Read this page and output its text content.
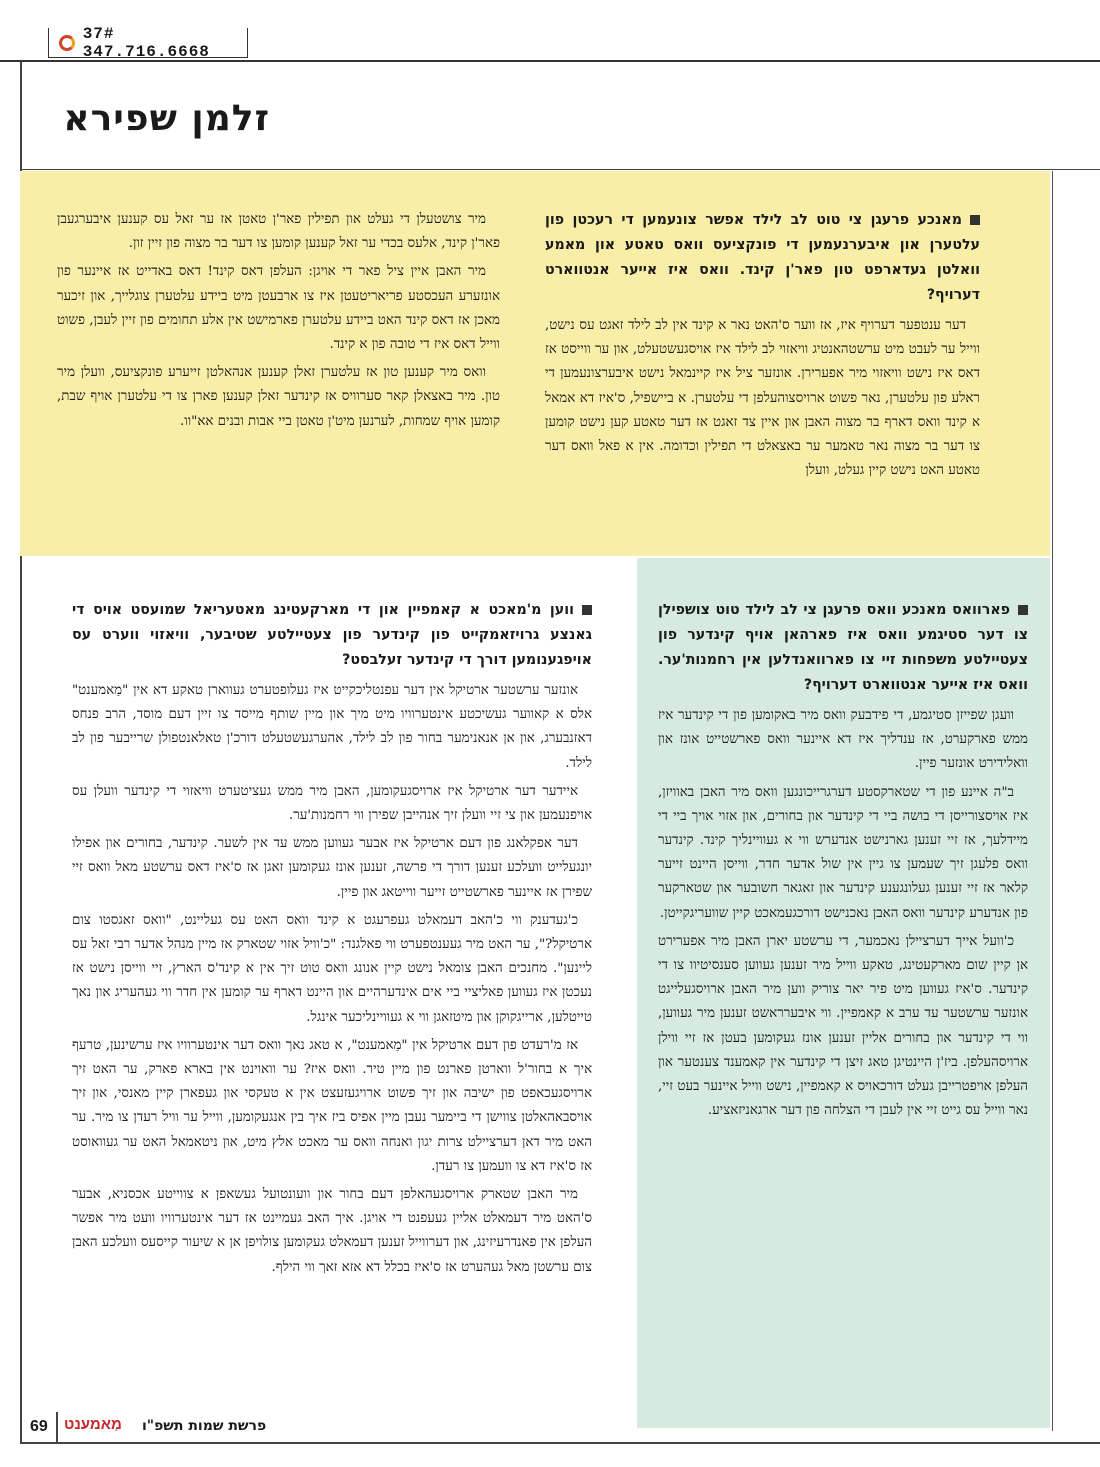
37# 347.716.6668
זלמן שפירא

מאנכע פרעגן צי טוט לב לילד אפשר צונעמען די רעכטן פון עלטערן און איבערנעמען די פונקציעס וואס טאטע און מאמע וואלטן געדארפט טון פאר'ן קינד. וואס איז אייער אנטווארט דערויף?

דער ענטפער דערויף איז, אז ווער ס'האט נאר א קינד אין לב לילד זאגט עס נישט, ווייל ער לעבט מיט ערשטהאנטיג וויאזוי לב לילד איז אויסגעשטעלט, און ער ווייסט אז דאס איז נישט וויאזוי מיר אפערירן. אונזער ציל איז קיינמאל נישט איבערצונעמען די ראלע פון עלטערן, נאר פשוט ארויסצוהעלפן די עלטערן. א ביישפיל, ס'איז דא אמאל א קינד וואס דארף בר מצוה האבן און איין צד זאגט אז דער טאטע קען נישט קומען צו דער בר מצוה נאר טאמער ער באצאלט די תפילין וכדומה. אין א פאל וואס דער טאטע האט נישט קיין געלט, וועלן

מיר צושטעלן די געלט און תפילין פאר'ן טאטן אז ער זאל עס קענען איבערגעבן פאר'ן קינד, אלעס בכדי ער זאל קענען קומען צו דער בר מצוה פון זיין זון.

מיר האבן איין ציל פאר די אויגן: העלפן דאס קינד! דאס באדייט אז איינער פון אונזערע העכסטע פריאריטעטן איז צו ארבעטן מיט ביידע עלטערן צוגלייך, און זיכער מאכן אז דאס קינד האט ביידע עלטערן פארמישט אין אלע תחומים פון זיין לעבן, פשוט ווייל דאס איז די טובה פון א קינד.

וואס מיר קענען טון אז עלטערן זאלן קענען אנהאלטן זייערע פונקציעס, וועלן מיר טון. מיר באצאלן קאר סערוויס אז קינדער זאלן קענען פארן צו די עלטערן אויף שבת, קומען אויף שמחות, לערנען מיט'ן טאטן ביי אבות ובנים אא"וו.

פארוואס מאנכע וואס פרעגן צי לב לילד טוט צושפילן צו דער סטיגמע וואס איז פארהאן אויף קינדער פון צעטיילטע משפחות זיי צו פארוואנדלען אין רחמנות'ער. וואס איז אייער אנטווארט דערויף?

וועגן שפייזן סטיגמע, די פידבעק וואס מיר באקומען פון די קינדער איז ממש פארקערט, אז ענדליך איז דא איינער וואס פארשטייט אונז און וואלידירט אונזער פיין.

ב"ה איינע פון די שטארקסטע דערגרייכונגען וואס מיר האבן באוויזן, איז אויסצורייסן די בושה ביי די קינדער און בחורים, און אזוי אויך ביי די מיידלעך, אז זיי זענען גארנישט אנדערש ווי א געוויינליך קינד. קינדער וואס פלעגן זיך שעמען צו גיין אין שול אדער חדר, ווייסן היינט זייער קלאר אז זיי זענען געלונגענע קינדער און זאגאר חשובער און שטארקער פון אנדערע קינדער וואס האבן נאכנישט דורכגעמאכט קיין שוועריגקייטן.

כ'וועל אייך דערציילן נאכמער, די ערשטע יארן האבן מיר אפערירט אן קיין שום מארקעטינג, טאקע ווייל מיר זענען געווען סענסיטיוו צו די קינדער. ס'איז געווען מיט פיר יאר צוריק ווען מיר האבן ארויסגעלייגט אונזער ערשטער עד ערב א קאמפיין. ווי איבערראשט זענען מיר געווען, ווי די קינדער און בחורים אליין זענען אונז געקומען בעטן אז זיי ווילן ארויסהעלפן. ביז'ן היינטיגן טאג זיצן די קינדער אין קאמענד צענטער און העלפן אויפטרייבן געלט דורכאויס א קאמפיין, נישט ווייל איינער בעט זיי, נאר ווייל עס גייט זיי אין לעבן די הצלחה פון דער ארגאניזאציע.

ווען מ'מאכט א קאמפיין און די מארקעטינג מאטעריאל שמועסט אויס די גאנצע גרויזאמקייט פון קינדער פון צעטיילטע שטיבער, וויאזוי ווערט עס אויפגענומען דורך די קינדער זעלבסט?

אונזער ערשטער ארטיקל אין דער עפנטליכקייט איז געלופטערט געווארן טאקע דא אין "מַאמענט" אלס א קאווער געשיכטע אינטערוויו מיט מיך און מיין שותף מייסד צו זיין דעם מוסד, הרב פנחס דאזנבערג, און אן אנאנימער בחור פון לב לילד, אהערגעשטעלט דורכ'ן טאלאנטפולן שרייבער פון לב לילד.

איידער דער ארטיקל איז ארויסגעקומען, האבן מיר ממש געציטערט וויאזוי די קינדער וועלן עס אויפנעמען און צי זיי וועלן זיך אנהייבן שפירן ווי רחמנות'ער.

דער אפקלאנג פון דעם ארטיקל איז אבער געווען ממש עד אין לשער. קינדער, בחורים און אפילו יונגעלייט וועלכע זענען דורך די פרשה, זענען אונז געקומען זאגן אז ס'איז דאס ערשטע מאל וואס זיי שפירן אז איינער פארשטייט זייער ווייטאג און פיין.

כ'געדענק ווי כ'האב דעמאלט געפרעגט א קינד וואס האט עס געליינט, "וואס זאגסטו צום ארטיקל?", ער האט מיר געענטפערט ווי פאלגנד: "כ'וויל אזוי שטארק אז מיין מנהל אדער רבי זאל עס ליינען". מחנכים האבן צומאל נישט קיין אנונג וואס טוט זיך אין א קינד'ס הארץ, זיי ווייסן נישט אז נעכטן איז געווען פאליציי ביי אים אינדערהיים און היינט דארף ער קומען אין חדר ווי געהעריג און נאך טייטלען, ארייגקוקן און מיטזאגן ווי א געוויינליכער אינגל.

אז מ'רעדט פון דעם ארטיקל אין "מַאמענט", א טאג נאך וואס דער אינטערוויו איז ערשינען, טרעף איך א בחור'ל ווארטן פארנט פון מיין טיר. וואס איז? ער וואוינט אין בארא פארק, ער האט זיך ארויסגעכאפט פון ישיבה און זיך פשוט ארויגעזעצט אין א טעקסי און געפארן קיין מאנסי, און זיך אויסבאהאלטן צווישן די ביימער נעבן מיין אפיס ביז איך בין אנגעקומען, ווייל ער וויל רעדן צו מיר. ער האט מיר דאן דערציילט צרות יגון ואנחה וואס ער מאכט אלץ מיט, און ניטאמאל האט ער געוואוסט אז ס'איז דא צו וועמען צו רעדן.

מיר האבן שטארק ארויסגעהאלפן דעם בחור און וועונטועל געשאפן א צווייטע אכסניא, אבער ס'האט מיר דעמאלט אליין געעפנט די אויגן. איך האב געמיינט אז דער אינטערוויו וועט מיר אפשר העלפן אין פאנדרעיזינג, און דערווייל זענען דעמאלט געקומען צולויפן אן א שיעור קייסעס וועלכע האבן צום ערשטן מאל געהערט אז ס'איז בכלל דא אזא זאך ווי הילף.

69 מַאמענט פרשת שמות תשפ"ו
